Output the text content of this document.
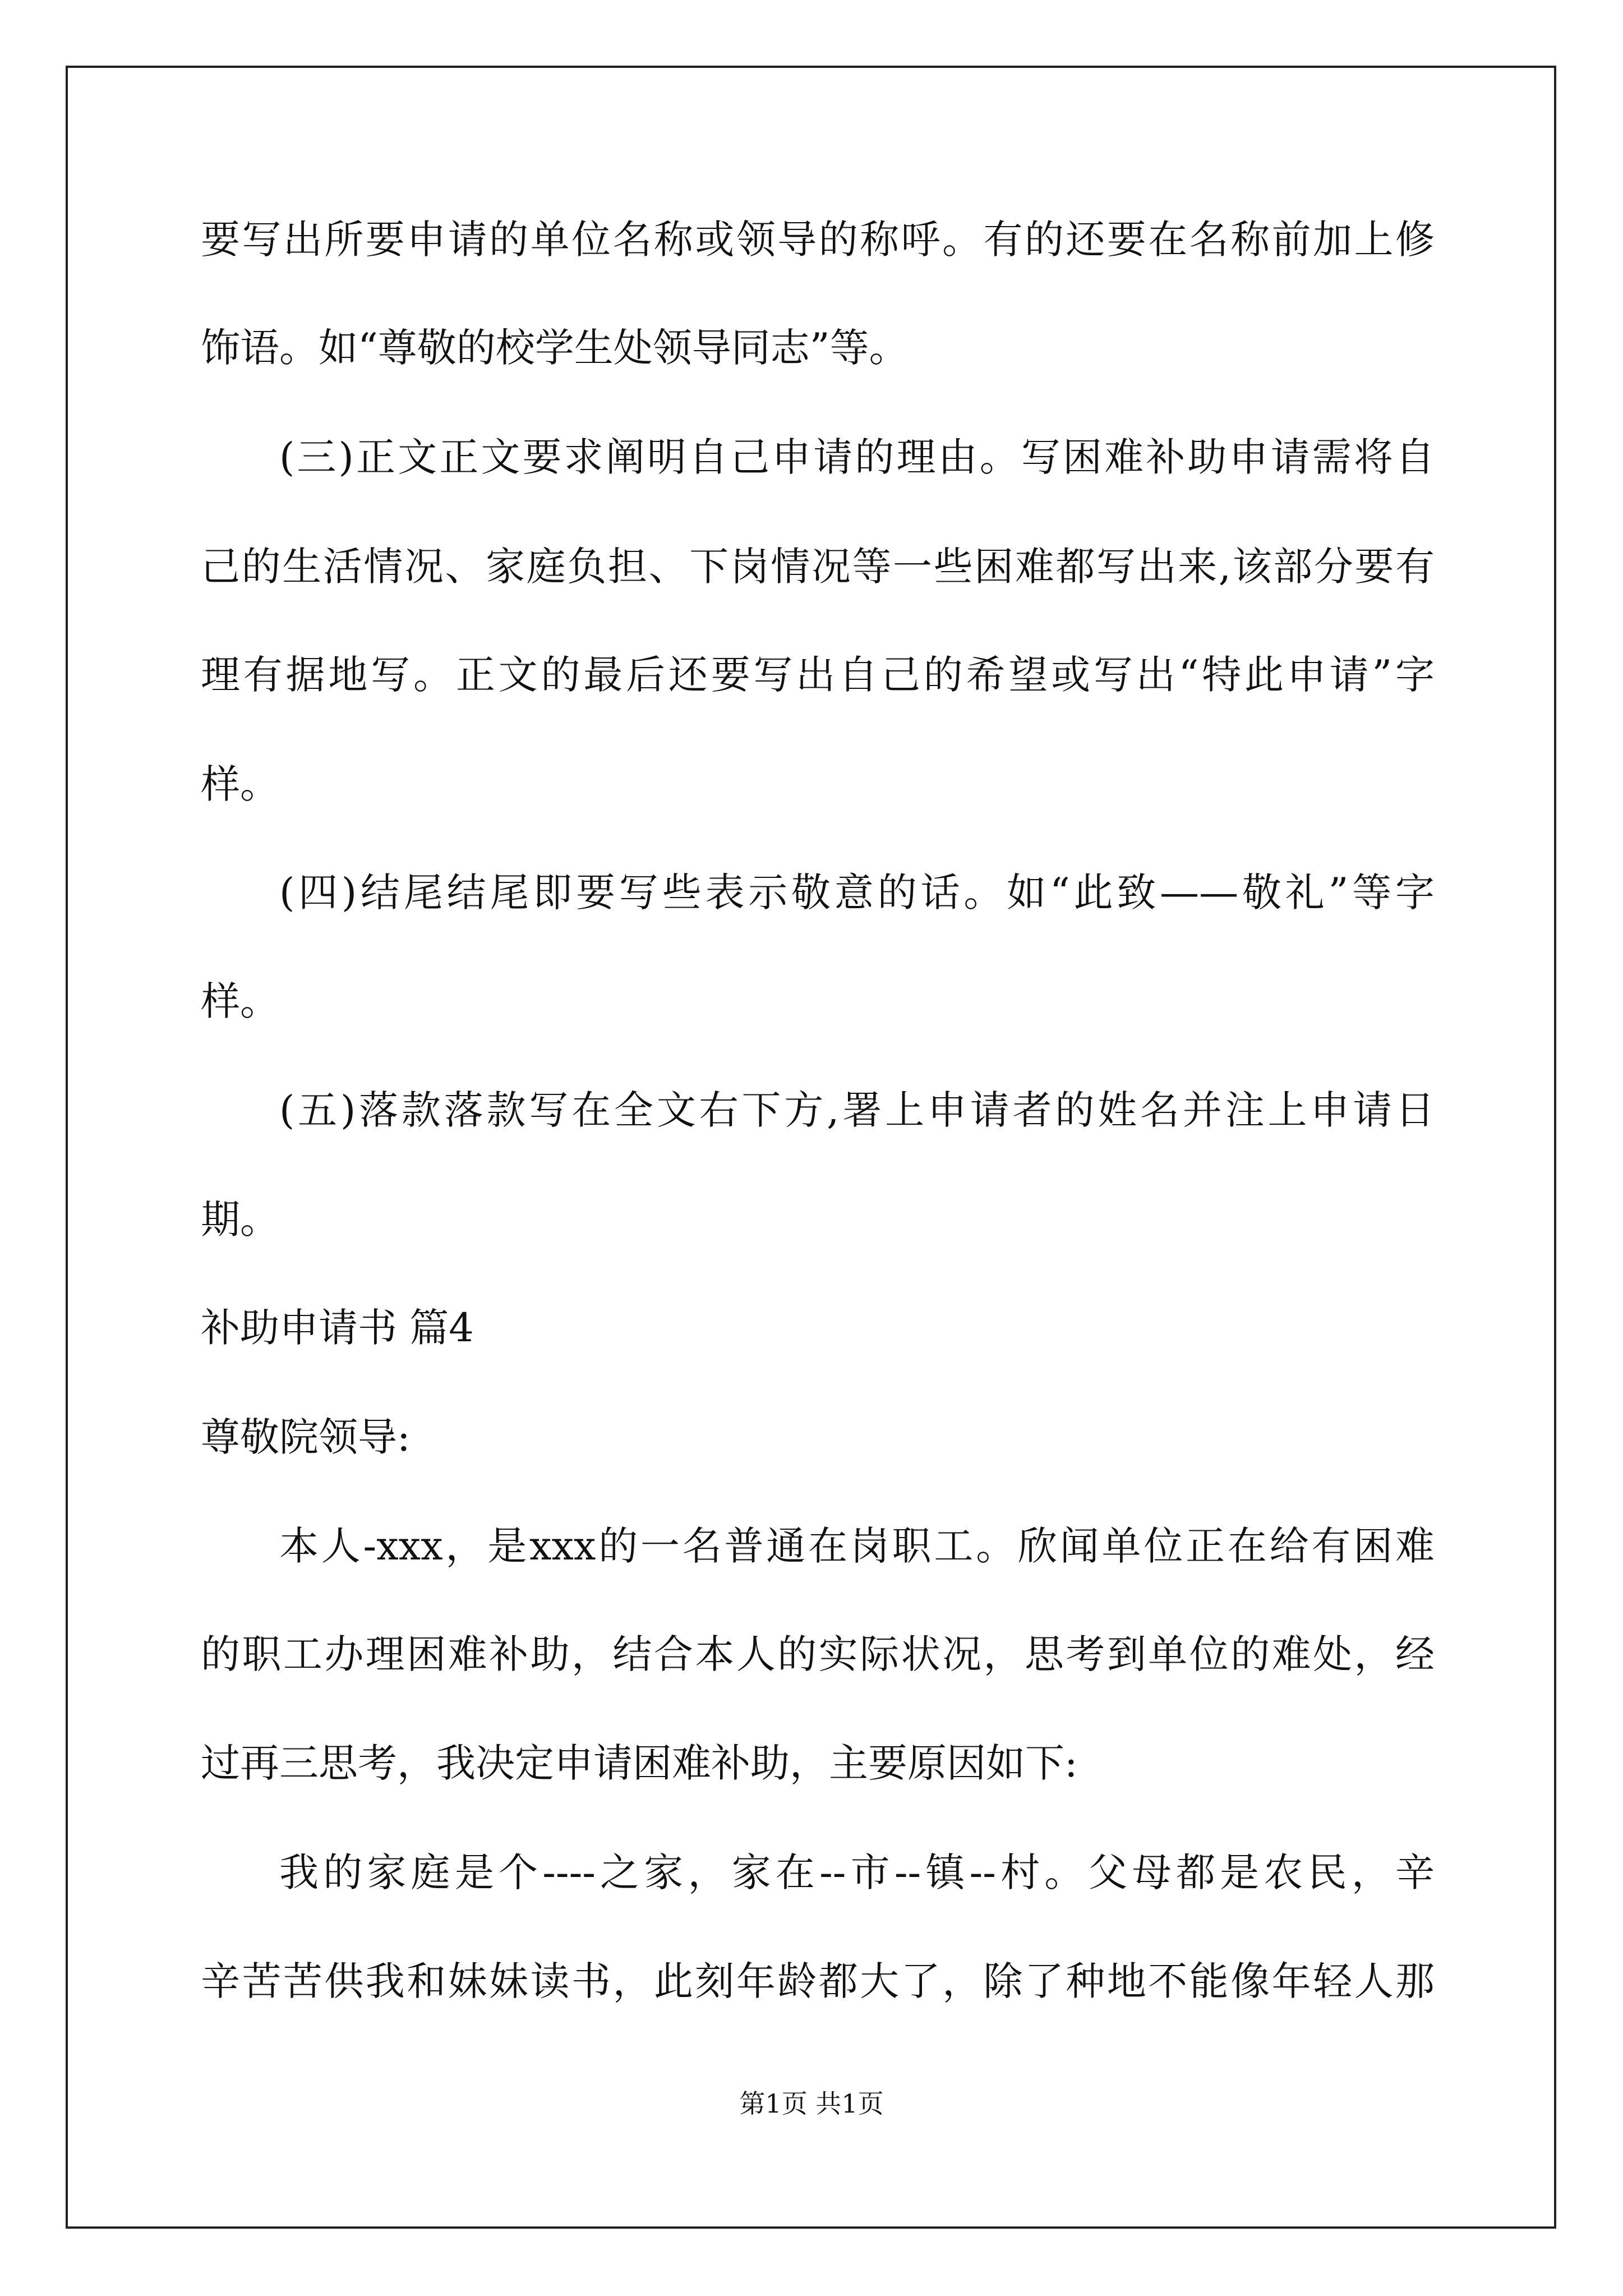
要写出所要申请的单位名称或领导的称呼。有的还要在名称前加上修
饰语。如“尊敬的校学生处领导同志”等。
(三)正文正文要求阐明自己申请的理由。写困难补助申请需将自
己的生活情况、家庭负担、下岗情况等一些困难都写出来,该部分要有
理有据地写。正文的最后还要写出自己的希望或写出“特此申请”字
样。
(四)结尾结尾即要写些表示敬意的话。如“此致——敬礼”等字
样。
(五)落款落款写在全文右下方,署上申请者的姓名并注上申请日
期。
补助申请书 篇4
尊敬院领导:
本人-xxx，是xxx的一名普通在岗职工。欣闻单位正在给有困难
的职工办理困难补助，结合本人的实际状况，思考到单位的难处，经
过再三思考，我决定申请困难补助，主要原因如下:
我的家庭是个----之家，家在--市--镇--村。父母都是农民，辛
辛苦苦供我和妹妹读书，此刻年龄都大了，除了种地不能像年轻人那
第1页 共1页
